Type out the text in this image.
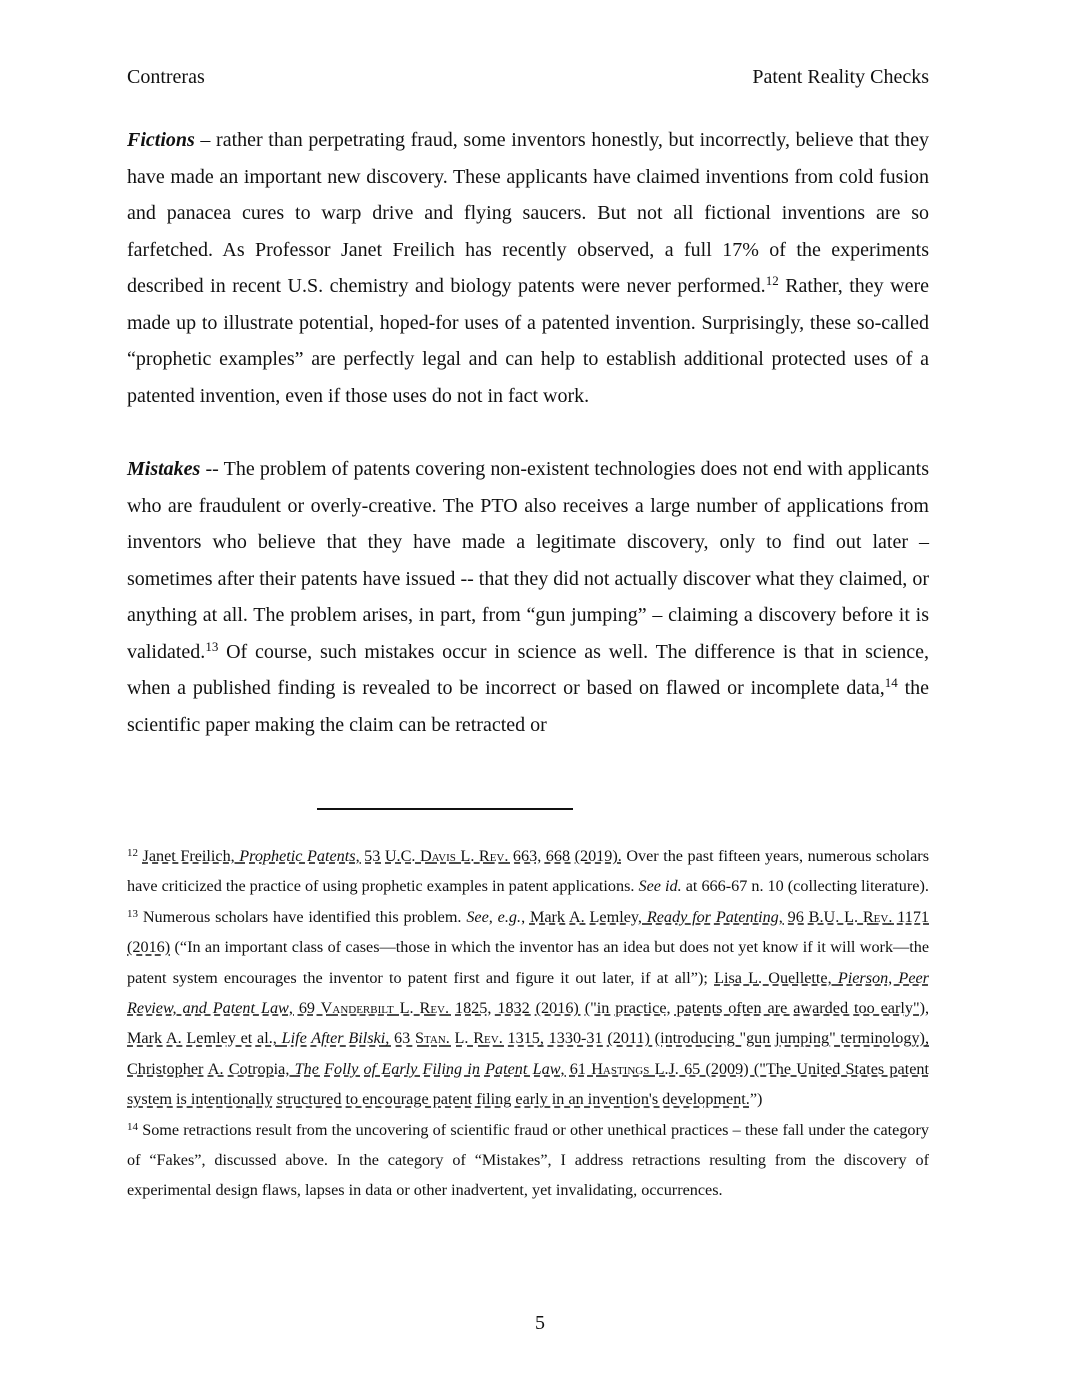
Contreras	Patent Reality Checks

Fictions – rather than perpetrating fraud, some inventors honestly, but incorrectly, believe that they have made an important new discovery. These applicants have claimed inventions from cold fusion and panacea cures to warp drive and flying saucers. But not all fictional inventions are so farfetched. As Professor Janet Freilich has recently observed, a full 17% of the experiments described in recent U.S. chemistry and biology patents were never performed.$^{12}$ Rather, they were made up to illustrate potential, hoped-for uses of a patented invention. Surprisingly, these so-called “prophetic examples” are perfectly legal and can help to establish additional protected uses of a patented invention, even if those uses do not in fact work.

Mistakes -- The problem of patents covering non-existent technologies does not end with applicants who are fraudulent or overly-creative. The PTO also receives a large number of applications from inventors who believe that they have made a legitimate discovery, only to find out later – sometimes after their patents have issued -- that they did not actually discover what they claimed, or anything at all. The problem arises, in part, from “gun jumping” – claiming a discovery before it is validated.$^{13}$ Of course, such mistakes occur in science as well. The difference is that in science, when a published finding is revealed to be incorrect or based on flawed or incomplete data,$^{14}$ the scientific paper making the claim can be retracted or

$^{12}$ Janet Freilich, Prophetic Patents, 53 U.C. Davis L. Rev. 663, 668 (2019). Over the past fifteen years, numerous scholars have criticized the practice of using prophetic examples in patent applications. See id. at 666-67 n. 10 (collecting literature).

$^{13}$ Numerous scholars have identified this problem. See, e.g., Mark A. Lemley, Ready for Patenting, 96 B.U. L. Rev. 1171 (2016) (“In an important class of cases—those in which the inventor has an idea but does not yet know if it will work—the patent system encourages the inventor to patent first and figure it out later, if at all”); Lisa L. Ouellette, Pierson, Peer Review, and Patent Law, 69 Vanderbilt L. Rev. 1825, 1832 (2016) ("in practice, patents often are awarded too early"), Mark A. Lemley et al., Life After Bilski, 63 Stan. L. Rev. 1315, 1330-31 (2011) (introducing "gun jumping" terminology), Christopher A. Cotropia, The Folly of Early Filing in Patent Law, 61 Hastings L.J. 65 (2009) ("The United States patent system is intentionally structured to encourage patent filing early in an invention's development.”)

$^{14}$ Some retractions result from the uncovering of scientific fraud or other unethical practices – these fall under the category of “Fakes”, discussed above. In the category of “Mistakes”, I address retractions resulting from the discovery of experimental design flaws, lapses in data or other inadvertent, yet invalidating, occurrences.

5
